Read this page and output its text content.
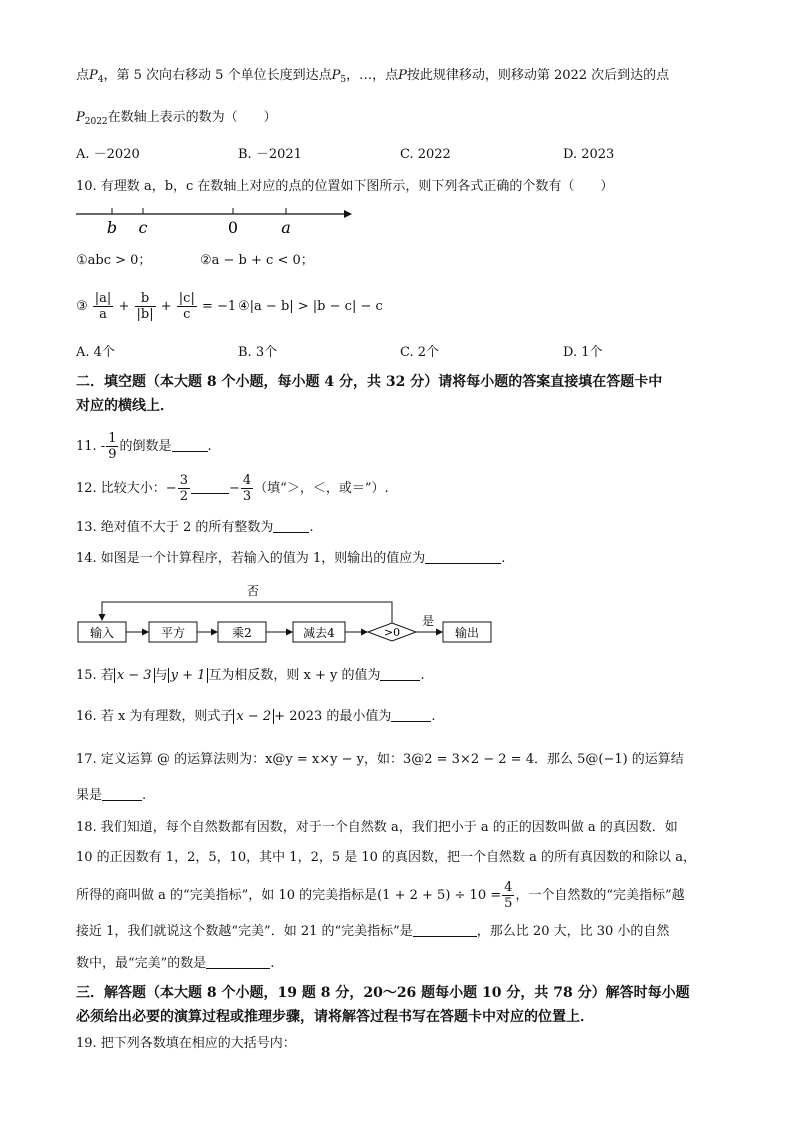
点$P_4$，第 5 次向右移动 5 个单位长度到达点$P_5$，…，点P按此规律移动，则移动第 2022 次后到达的点
$P_{2022}$在数轴上表示的数为（　　）
A. －2020	B. －2021	C. 2022	D. 2023
10. 有理数 a，b，c 在数轴上对应的点的位置如下图所示，则下列各式正确的个数有（　　）
b c	0	a
①abc > 0；	②a − b + c < 0；
③ $\frac{|a|}{a} + \frac{b}{|b|} + \frac{|c|}{c} = -1$ ④|a − b| > |b − c| − c
A. 4个	B. 3个	C. 2个	D. 1个
二．填空题（本大题 8 个小题，每小题 4 分，共 32 分）请将每小题的答案直接填在答题卡中
对应的横线上．
11. - $\frac{1}{9}$ 的倒数是	.
12. 比较大小：− $\frac{3}{2}$	− $\frac{4}{3}$ （填“＞，＜，或＝”）.
13. 绝对值不大于 2 的所有整数为	.
14. 如图是一个计算程序，若输入的值为 1，则输出的值应为	.
否
输入	平方	乘2	减去4	>0
是
输出
15. 若 x − 3 与 y + 1 互为相反数，则 x + y 的值为	.
16. 若 x 为有理数，则式子 x − 2 + 2023 的最小值为	.
17. 定义运算 @ 的运算法则为：x@y = x×y − y，如：3@2 = 3×2 − 2 = 4．那么 5@(−1) 的运算结
果是	.
18. 我们知道，每个自然数都有因数，对于一个自然数 a，我们把小于 a 的正的因数叫做 a 的真因数．如
10 的正因数有 1，2，5，10，其中 1，2，5 是 10 的真因数，把一个自然数 a 的所有真因数的和除以 a，
所得的商叫做 a 的“完美指标”，如 10 的完美指标是$(1 + 2 + 5) \div 10 = \frac{4}{5}$ ，一个自然数的“完美指标”越
接近 1，我们就说这个数越“完美”．如 21 的“完美指标”是	，那么比 20 大，比 30 小的自然
数中，最“完美”的数是	.
三．解答题（本大题 8 个小题，19 题 8 分，20～26 题每小题 10 分，共 78 分）解答时每小题
必须给出必要的演算过程或推理步骤，请将解答过程书写在答题卡中对应的位置上．
19. 把下列各数填在相应的大括号内：
